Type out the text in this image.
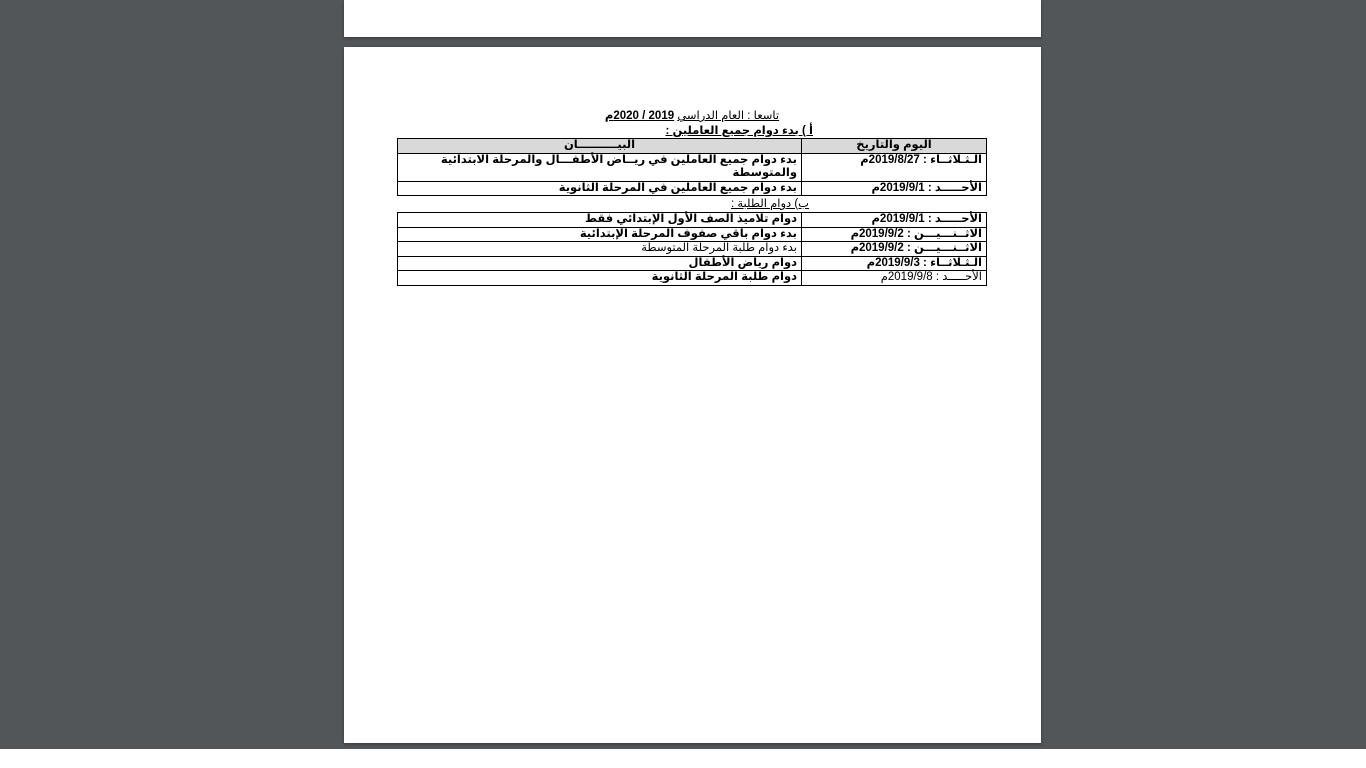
تاسعا : العام الدراسي 2019 / 2020م
أ ) بدء دوام جميع العاملين :
اليوم والتاريخ	البيــــــــــان
الـثـلاثــاء : 2019/8/27م	بدء دوام جميع العاملين في ريــاض الأطفـــال والمرحلة الابتدائية والمتوسطة
الأحـــــد : 2019/9/1م	بدء دوام جميع العاملين في المرحلة الثانوية
ب) دوام الطلبة :
الأحـــــد : 2019/9/1م	دوام تلاميذ الصف الأول الإبتدائي فقط
الاثــنـــيـــن : 2019/9/2م	بدء دوام باقي صفوف المرحلة الإبتدائية
الاثــنـــيـــن : 2019/9/2م	بدء دوام طلبة المرحلة المتوسطة
الـثـلاثــاء : 2019/9/3م	دوام رياض الأطفال
الأحـــــد : 2019/9/8م	دوام طلبة المرحلة الثانوية
